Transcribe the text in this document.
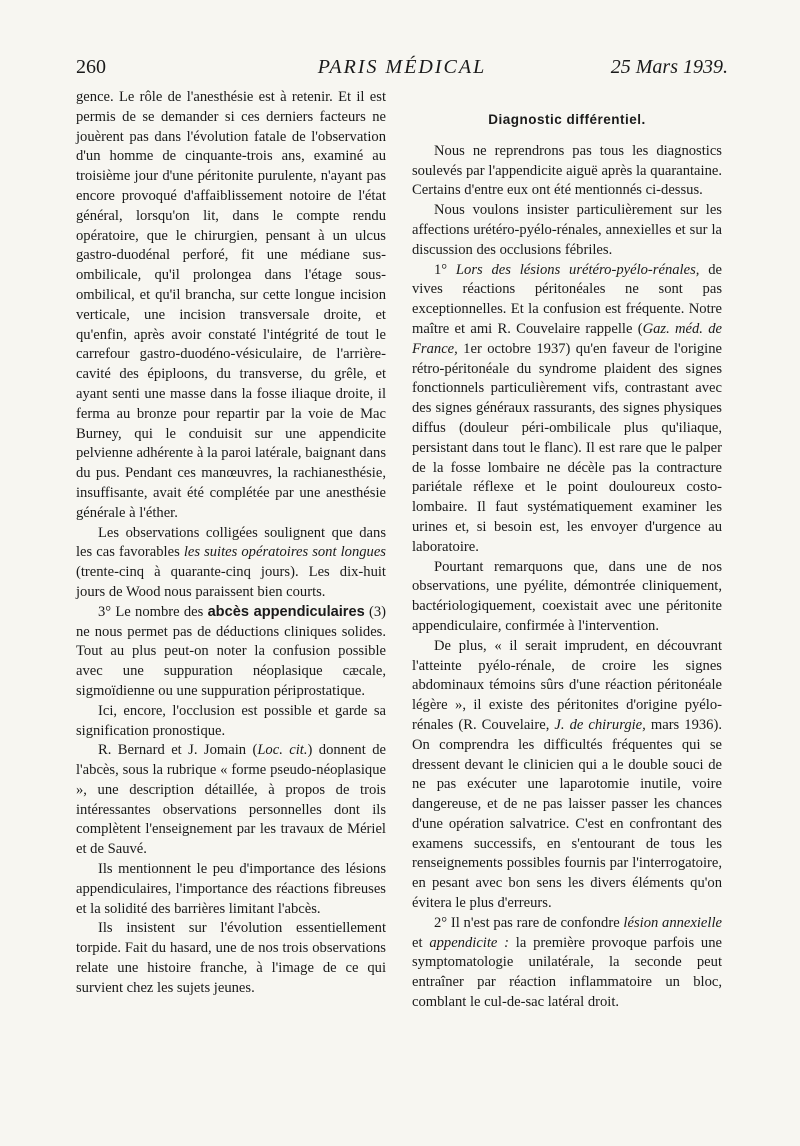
260	PARIS MÉDICAL	25 Mars 1939.

gence. Le rôle de l'anesthésie est à retenir. Et il est permis de se demander si ces derniers facteurs ne jouèrent pas dans l'évolution fatale de l'observation d'un homme de cinquante-trois ans, examiné au troisième jour d'une péritonite purulente, n'ayant pas encore provoqué d'affaiblissement notoire de l'état général, lorsqu'on lit, dans le compte rendu opératoire, que le chirurgien, pensant à un ulcus gastro-duodénal perforé, fit une médiane sus-ombilicale, qu'il prolongea dans l'étage sous-ombilical, et qu'il brancha, sur cette longue incision verticale, une incision transversale droite, et qu'enfin, après avoir constaté l'intégrité de tout le carrefour gastro-duodéno-vésiculaire, de l'arrière-cavité des épiploons, du transverse, du grêle, et ayant senti une masse dans la fosse iliaque droite, il ferma au bronze pour repartir par la voie de Mac Burney, qui le conduisit sur une appendicite pelvienne adhérente à la paroi latérale, baignant dans du pus. Pendant ces manœuvres, la rachianesthésie, insuffisante, avait été complétée par une anesthésie générale à l'éther.

Les observations colligées soulignent que dans les cas favorables les suites opératoires sont longues (trente-cinq à quarante-cinq jours). Les dix-huit jours de Wood nous paraissent bien courts.

3° Le nombre des abcès appendiculaires (3) ne nous permet pas de déductions cliniques solides. Tout au plus peut-on noter la confusion possible avec une suppuration néoplasique cæcale, sigmoïdienne ou une suppuration périprostatique.

Ici, encore, l'occlusion est possible et garde sa signification pronostique.

R. Bernard et J. Jomain (Loc. cit.) donnent de l'abcès, sous la rubrique « forme pseudo-néoplasique », une description détaillée, à propos de trois intéressantes observations personnelles dont ils complètent l'enseignement par les travaux de Mériel et de Sauvé.

Ils mentionnent le peu d'importance des lésions appendiculaires, l'importance des réactions fibreuses et la solidité des barrières limitant l'abcès.

Ils insistent sur l'évolution essentiellement torpide. Fait du hasard, une de nos trois observations relate une histoire franche, à l'image de ce qui survient chez les sujets jeunes.

Diagnostic différentiel.

Nous ne reprendrons pas tous les diagnostics soulevés par l'appendicite aiguë après la quarantaine. Certains d'entre eux ont été mentionnés ci-dessus.

Nous voulons insister particulièrement sur les affections urétéro-pyélo-rénales, annexielles et sur la discussion des occlusions fébriles.

1° Lors des lésions urétéro-pyélo-rénales, de vives réactions péritonéales ne sont pas exceptionnelles. Et la confusion est fréquente. Notre maître et ami R. Couvelaire rappelle (Gaz. méd. de France, 1er octobre 1937) qu'en faveur de l'origine rétro-péritonéale du syndrome plaident des signes fonctionnels particulièrement vifs, contrastant avec des signes généraux rassurants, des signes physiques diffus (douleur péri-ombilicale plus qu'iliaque, persistant dans tout le flanc). Il est rare que le palper de la fosse lombaire ne décèle pas la contracture pariétale réflexe et le point douloureux costo-lombaire. Il faut systématiquement examiner les urines et, si besoin est, les envoyer d'urgence au laboratoire.

Pourtant remarquons que, dans une de nos observations, une pyélite, démontrée cliniquement, bactériologiquement, coexistait avec une péritonite appendiculaire, confirmée à l'intervention.

De plus, « il serait imprudent, en découvrant l'atteinte pyélo-rénale, de croire les signes abdominaux témoins sûrs d'une réaction péritonéale légère », il existe des péritonites d'origine pyélo-rénales (R. Couvelaire, J. de chirurgie, mars 1936). On comprendra les difficultés fréquentes qui se dressent devant le clinicien qui a le double souci de ne pas exécuter une laparotomie inutile, voire dangereuse, et de ne pas laisser passer les chances d'une opération salvatrice. C'est en confrontant des examens successifs, en s'entourant de tous les renseignements possibles fournis par l'interrogatoire, en pesant avec bon sens les divers éléments qu'on évitera le plus d'erreurs.

2° Il n'est pas rare de confondre lésion annexielle et appendicite : la première provoque parfois une symptomatologie unilatérale, la seconde peut entraîner par réaction inflammatoire un bloc, comblant le cul-de-sac latéral droit.
